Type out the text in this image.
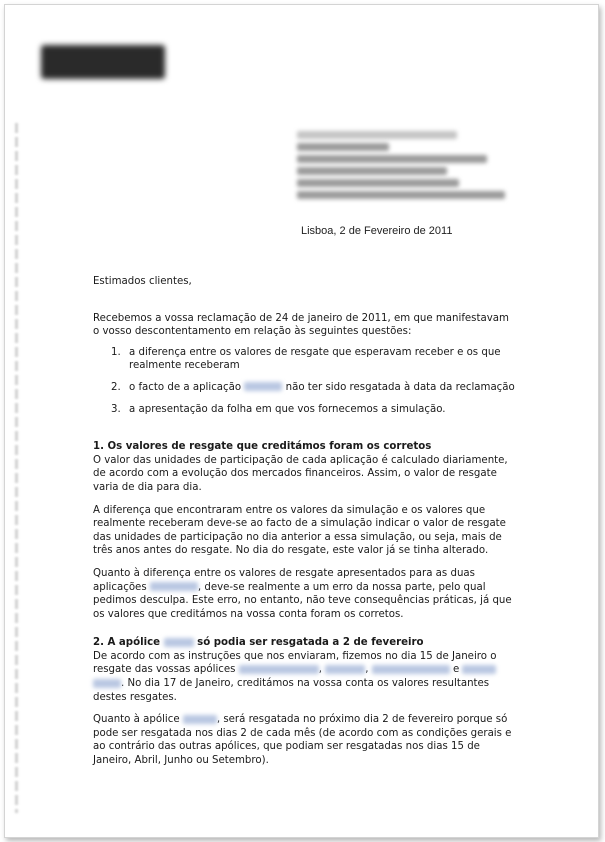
Lisboa, 2 de Fevereiro de 2011

Estimados clientes,

Recebemos a vossa reclamação de 24 de janeiro de 2011, em que manifestavam o vosso descontentamento em relação às seguintes questões:

1. a diferença entre os valores de resgate que esperavam receber e os que realmente receberam
2. o facto de a aplicação	não ter sido resgatada à data da reclamação
3. a apresentação da folha em que vos fornecemos a simulação.

1. Os valores de resgate que creditámos foram os corretos

O valor das unidades de participação de cada aplicação é calculado diariamente, de acordo com a evolução dos mercados financeiros. Assim, o valor de resgate varia de dia para dia.

A diferença que encontraram entre os valores da simulação e os valores que realmente receberam deve-se ao facto de a simulação indicar o valor de resgate das unidades de participação no dia anterior a essa simulação, ou seja, mais de três anos antes do resgate. No dia do resgate, este valor já se tinha alterado.

Quanto à diferença entre os valores de resgate apresentados para as duas aplicações	, deve-se realmente a um erro da nossa parte, pelo qual pedimos desculpa. Este erro, no entanto, não teve consequências práticas, já que os valores que creditámos na vossa conta foram os corretos.

2. A apólice	só podia ser resgatada a 2 de fevereiro

De acordo com as instruções que nos enviaram, fizemos no dia 15 de Janeiro o resgate das vossas apólices	,	,	e  . No dia 17 de Janeiro, creditámos na vossa conta os valores resultantes destes resgates.

Quanto à apólice	, será resgatada no próximo dia 2 de fevereiro porque só pode ser resgatada nos dias 2 de cada mês (de acordo com as condições gerais e ao contrário das outras apólices, que podiam ser resgatadas nos dias 15 de Janeiro, Abril, Junho ou Setembro).
